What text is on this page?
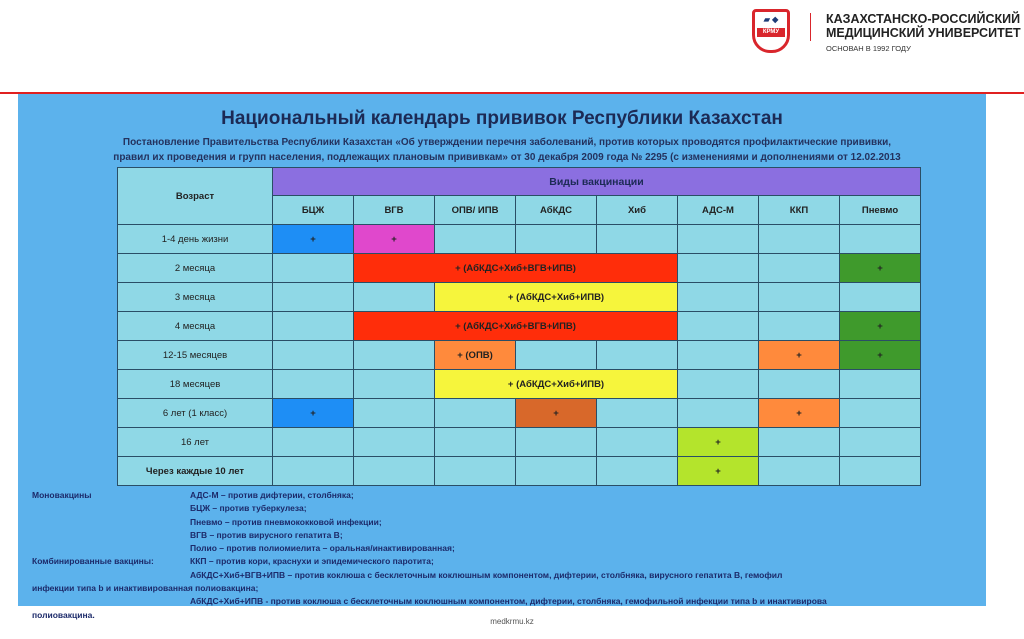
▰ ◆
КРМУ
КАЗАХСТАНСКО-РОССИЙСКИЙ
МЕДИЦИНСКИЙ УНИВЕРСИТЕТ
ОСНОВАН В 1992 ГОДУ
Национальный календарь прививок Республики Казахстан
Постановление Правительства Республики Казахстан «Об утверждении перечня заболеваний, против которых проводятся профилактические прививки,
правил их проведения и групп населения, подлежащих плановым прививкам» от 30 декабря 2009 года № 2295 (с изменениями и дополнениями от 12.02.2013
Возраст	Виды вакцинации							
	БЦЖ	ВГВ	ОПВ/ ИПВ	АбКДС	Хиб	АДС-М	ККП	Пневмо
1-4 день жизни	+	+						
2 месяца		+ (АбКДС+Хиб+ВГВ+ИПВ)						+
3 месяца			+ (АбКДС+Хиб+ИПВ)					
4 месяца		+ (АбКДС+Хиб+ВГВ+ИПВ)						+
12-15 месяцев			+ (ОПВ)				+	+
18 месяцев			+ (АбКДС+Хиб+ИПВ)					
6 лет (1 класс)	+			+			+	
16 лет						+		
Через каждые 10 лет						+		
Моновакцины	АДС-М – против дифтерии, столбняка;
БЦЖ – против туберкулеза;
Пневмо – против пневмококковой инфекции;
ВГВ – против вирусного гепатита В;
Полио – против полиомиелита – оральная/инактивированная;
Комбинированные вакцины:	ККП – против кори, краснухи и эпидемического паротита;
АбКДС+Хиб+ВГВ+ИПВ – против коклюша с бесклеточным коклюшным компонентом, дифтерии, столбняка, вирусного гепатита В, гемофил
инфекции типа b и инактивированная полиовакцина;
АбКДС+Хиб+ИПВ - против коклюша с бесклеточным коклюшным компонентом, дифтерии, столбняка, гемофильной инфекции типа b и инактивирова
полиовакцина.
medkrmu.kz
